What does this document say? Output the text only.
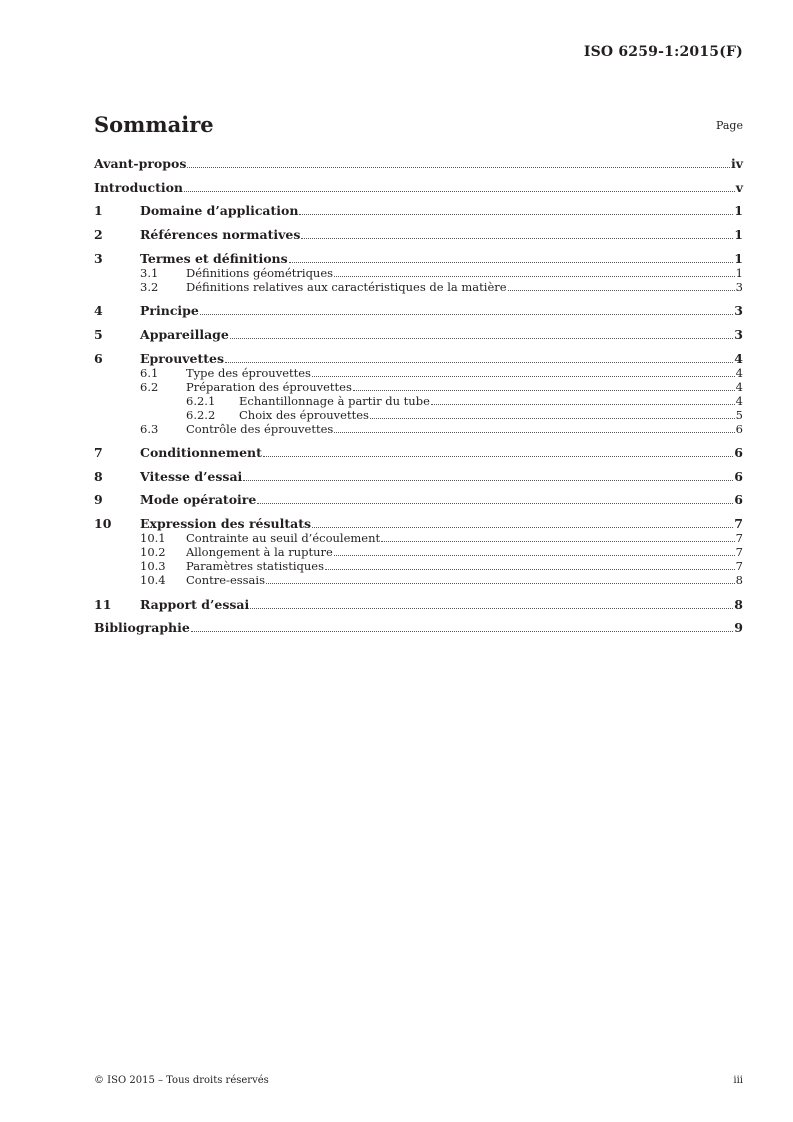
ISO 6259-1:2015(F)
Sommaire	Page
Avant-propos	iv
Introduction	v
1	Domaine d’application	1
2	Références normatives	1
3	Termes et définitions	1
3.1	Définitions géométriques	1
3.2	Définitions relatives aux caractéristiques de la matière	3
4	Principe	3
5	Appareillage	3
6	Eprouvettes	4
6.1	Type des éprouvettes	4
6.2	Préparation des éprouvettes	4
6.2.1	Echantillonnage à partir du tube	4
6.2.2	Choix des éprouvettes	5
6.3	Contrôle des éprouvettes	6
7	Conditionnement	6
8	Vitesse d’essai	6
9	Mode opératoire	6
10	Expression des résultats	7
10.1	Contrainte au seuil d’écoulement	7
10.2	Allongement à la rupture	7
10.3	Paramètres statistiques	7
10.4	Contre-essais	8
11	Rapport d’essai	8
Bibliographie	9
© ISO 2015 – Tous droits réservés	iii
